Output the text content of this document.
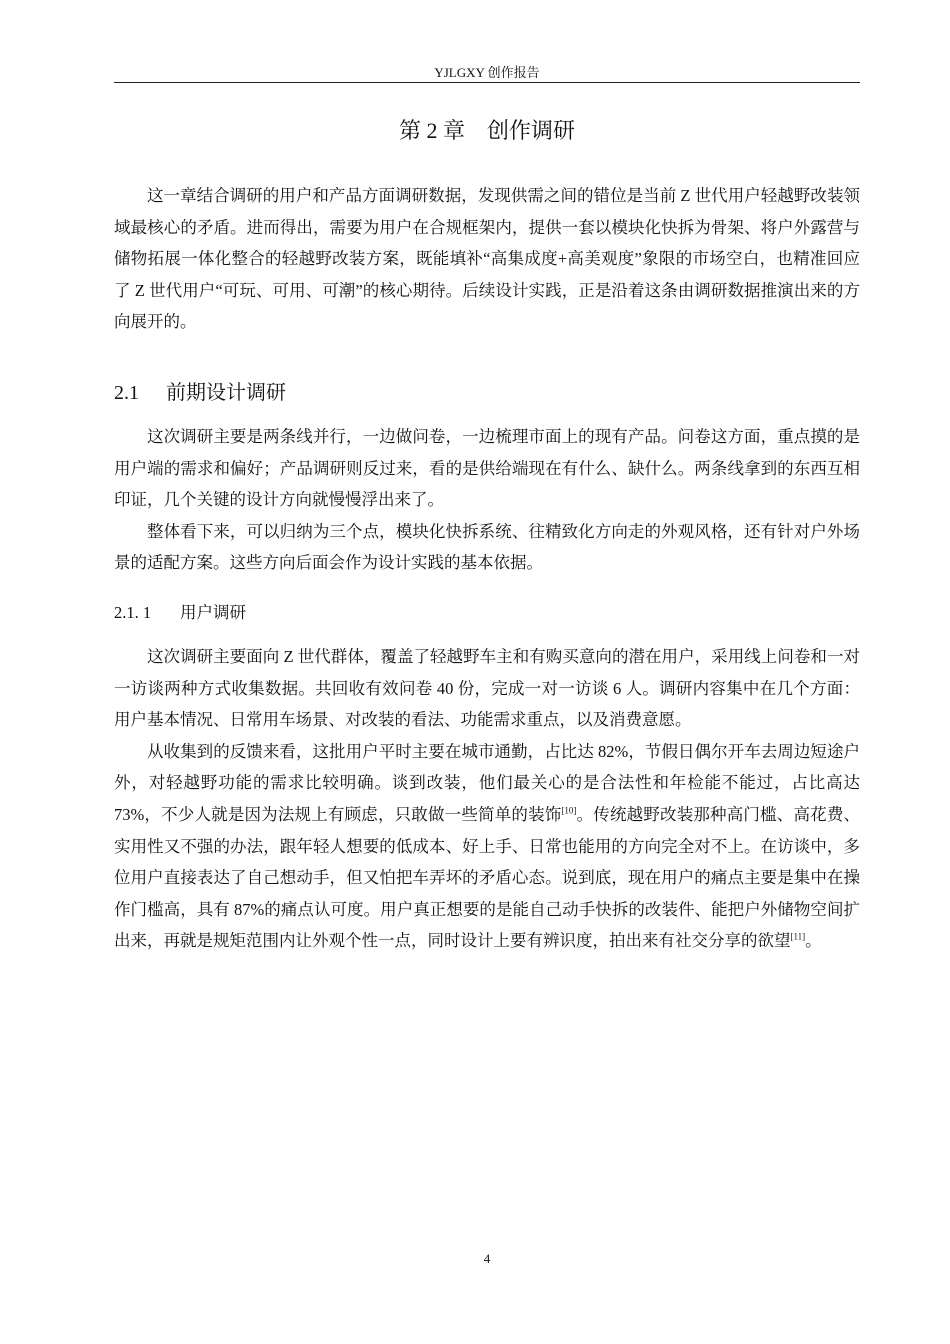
YJLGXY 创作报告
第 2 章 创作调研

这一章结合调研的用户和产品方面调研数据，发现供需之间的错位是当前 Z 世代用户轻越野改装领域最核心的矛盾。进而得出，需要为用户在合规框架内，提供一套以模块化快拆为骨架、将户外露营与储物拓展一体化整合的轻越野改装方案，既能填补“高集成度+高美观度”象限的市场空白，也精准回应了 Z 世代用户“可玩、可用、可潮”的核心期待。后续设计实践，正是沿着这条由调研数据推演出来的方向展开的。

2.1 前期设计调研

这次调研主要是两条线并行，一边做问卷，一边梳理市面上的现有产品。问卷这方面，重点摸的是用户端的需求和偏好；产品调研则反过来，看的是供给端现在有什么、缺什么。两条线拿到的东西互相印证，几个关键的设计方向就慢慢浮出来了。

整体看下来，可以归纳为三个点，模块化快拆系统、往精致化方向走的外观风格，还有针对户外场景的适配方案。这些方向后面会作为设计实践的基本依据。

2.1. 1 用户调研

这次调研主要面向 Z 世代群体，覆盖了轻越野车主和有购买意向的潜在用户，采用线上问卷和一对一访谈两种方式收集数据。共回收有效问卷 40 份，完成一对一访谈 6 人。调研内容集中在几个方面：用户基本情况、日常用车场景、对改装的看法、功能需求重点，以及消费意愿。

从收集到的反馈来看，这批用户平时主要在城市通勤，占比达 82%，节假日偶尔开车去周边短途户外，对轻越野功能的需求比较明确。谈到改装，他们最关心的是合法性和年检能不能过，占比高达 73%，不少人就是因为法规上有顾虑，只敢做一些简单的装饰[10]。传统越野改装那种高门槛、高花费、实用性又不强的办法，跟年轻人想要的低成本、好上手、日常也能用的方向完全对不上。在访谈中，多位用户直接表达了自己想动手，但又怕把车弄坏的矛盾心态。说到底，现在用户的痛点主要是集中在操作门槛高，具有 87%的痛点认可度。用户真正想要的是能自己动手快拆的改装件、能把户外储物空间扩出来，再就是规矩范围内让外观个性一点，同时设计上要有辨识度，拍出来有社交分享的欲望[11]。

4
